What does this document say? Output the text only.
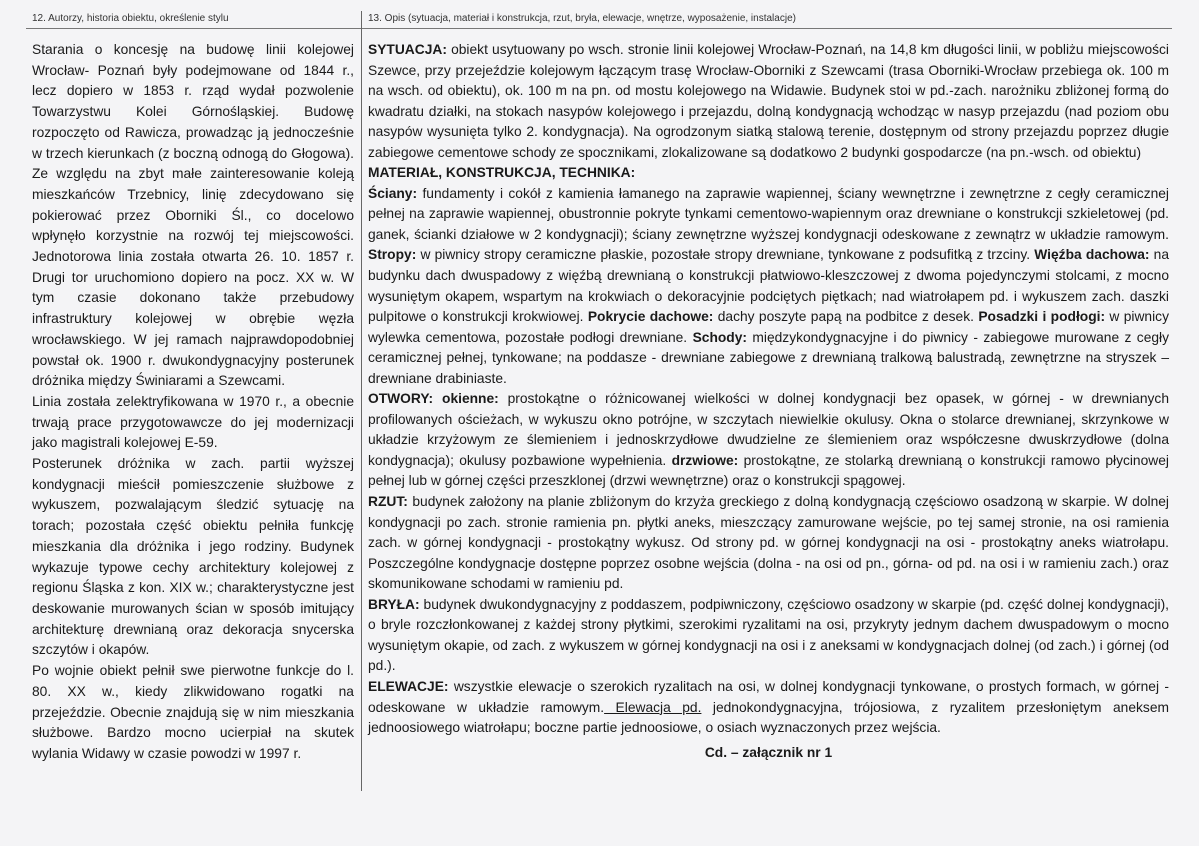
12. Autorzy, historia obiektu, określenie stylu	13. Opis (sytuacja, materiał i konstrukcja, rzut, bryła, elewacje, wnętrze, wyposażenie, instalacje)

Starania o koncesję na budowę linii kolejowej Wrocław- Poznań były podejmowane od 1844 r., lecz dopiero w 1853 r. rząd wydał pozwolenie Towarzystwu Kolei Górnośląskiej. Budowę rozpoczęto od Rawicza, prowadząc ją jednocześnie w trzech kierunkach (z boczną odnogą do Głogowa). Ze względu na zbyt małe zainteresowanie koleją mieszkańców Trzebnicy, linię zdecydowano się pokierować przez Oborniki Śl., co docelowo wpłynęło korzystnie na rozwój tej miejscowości. Jednotorowa linia została otwarta 26. 10. 1857 r. Drugi tor uruchomiono dopiero na pocz. XX w. W tym czasie dokonano także przebudowy infrastruktury kolejowej w obrębie węzła wrocławskiego. W jej ramach najprawdopodobniej powstał ok. 1900 r. dwukondygnacyjny posterunek dróżnika między Świniarami a Szewcami.

Linia została zelektryfikowana w 1970 r., a obecnie trwają prace przygotowawcze do jej modernizacji jako magistrali kolejowej E-59.

Posterunek dróżnika w zach. partii wyższej kondygnacji mieścił pomieszczenie służbowe z wykuszem, pozwalającym śledzić sytuację na torach; pozostała część obiektu pełniła funkcję mieszkania dla dróżnika i jego rodziny. Budynek wykazuje typowe cechy architektury kolejowej z regionu Śląska z kon. XIX w.; charakterystyczne jest deskowanie murowanych ścian w sposób imitujący architekturę drewnianą oraz dekoracja snycerska szczytów i okapów.

Po wojnie obiekt pełnił swe pierwotne funkcje do l. 80. XX w., kiedy zlikwidowano rogatki na przejeździe. Obecnie znajdują się w nim mieszkania służbowe. Bardzo mocno ucierpiał na skutek wylania Widawy w czasie powodzi w 1997 r.

SYTUACJA: obiekt usytuowany po wsch. stronie linii kolejowej Wrocław-Poznań, na 14,8 km długości linii, w pobliżu miejscowości Szewce, przy przejeździe kolejowym łączącym trasę Wrocław-Oborniki z Szewcami (trasa Oborniki-Wrocław przebiega ok. 100 m na wsch. od obiektu), ok. 100 m na pn. od mostu kolejowego na Widawie. Budynek stoi w pd.-zach. narożniku zbliżonej formą do kwadratu działki, na stokach nasypów kolejowego i przejazdu, dolną kondygnacją wchodząc w nasyp przejazdu (nad poziom obu nasypów wysunięta tylko 2. kondygnacja). Na ogrodzonym siatką stalową terenie, dostępnym od strony przejazdu poprzez długie zabiegowe cementowe schody ze spocznikami, zlokalizowane są dodatkowo 2 budynki gospodarcze (na pn.-wsch. od obiektu)

MATERIAŁ, KONSTRUKCJA, TECHNIKA:

Ściany: fundamenty i cokół z kamienia łamanego na zaprawie wapiennej, ściany wewnętrzne i zewnętrzne z cegły ceramicznej pełnej na zaprawie wapiennej, obustronnie pokryte tynkami cementowo-wapiennym oraz drewniane o konstrukcji szkieletowej (pd. ganek, ścianki działowe w 2 kondygnacji); ściany zewnętrzne wyższej kondygnacji odeskowane z zewnątrz w układzie ramowym. Stropy: w piwnicy stropy ceramiczne płaskie, pozostałe stropy drewniane, tynkowane z podsufitką z trzciny. Więźba dachowa: na budynku dach dwuspadowy z więźbą drewnianą o konstrukcji płatwiowo-kleszczowej z dwoma pojedynczymi stolcami, z mocno wysuniętym okapem, wspartym na krokwiach o dekoracyjnie podciętych piętkach; nad wiatrołapem pd. i wykuszem zach. daszki pulpitowe o konstrukcji krokwiowej. Pokrycie dachowe: dachy poszyte papą na podbitce z desek. Posadzki i podłogi: w piwnicy wylewka cementowa, pozostałe podłogi drewniane. Schody: międzykondygnacyjne i do piwnicy - zabiegowe murowane z cegły ceramicznej pełnej, tynkowane; na poddasze - drewniane zabiegowe z drewnianą tralkową balustradą, zewnętrzne na stryszek – drewniane drabiniaste.

OTWORY: okienne: prostokątne o różnicowanej wielkości w dolnej kondygnacji bez opasek, w górnej - w drewnianych profilowanych ościeżach, w wykuszu okno potrójne, w szczytach niewielkie okulusy. Okna o stolarce drewnianej, skrzynkowe w układzie krzyżowym ze ślemieniem i jednoskrzydłowe dwudzielne ze ślemieniem oraz współczesne dwuskrzydłowe (dolna kondygnacja); okulusy pozbawione wypełnienia. drzwiowe: prostokątne, ze stolarką drewnianą o konstrukcji ramowo płycinowej pełnej lub w górnej części przeszklonej (drzwi wewnętrzne) oraz o konstrukcji spągowej.

RZUT: budynek założony na planie zbliżonym do krzyża greckiego z dolną kondygnacją częściowo osadzoną w skarpie. W dolnej kondygnacji po zach. stronie ramienia pn. płytki aneks, mieszczący zamurowane wejście, po tej samej stronie, na osi ramienia zach. w górnej kondygnacji - prostokątny wykusz. Od strony pd. w górnej kondygnacji na osi - prostokątny aneks wiatrołapu. Poszczególne kondygnacje dostępne poprzez osobne wejścia (dolna - na osi od pn., górna- od pd. na osi i w ramieniu zach.) oraz skomunikowane schodami w ramieniu pd.

BRYŁA: budynek dwukondygnacyjny z poddaszem, podpiwniczony, częściowo osadzony w skarpie (pd. część dolnej kondygnacji), o bryle rozczłonkowanej z każdej strony płytkimi, szerokimi ryzalitami na osi, przykryty jednym dachem dwuspadowym o mocno wysuniętym okapie, od zach. z wykuszem w górnej kondygnacji na osi i z aneksami w kondygnacjach dolnej (od zach.) i górnej (od pd.).

ELEWACJE: wszystkie elewacje o szerokich ryzalitach na osi, w dolnej kondygnacji tynkowane, o prostych formach, w górnej - odeskowane w układzie ramowym. Elewacja pd. jednokondygnacyjna, trójosiowa, z ryzalitem przesłoniętym aneksem jednoosiowego wiatrołapu; boczne partie jednoosiowe, o osiach wyznaczonych przez wejścia.

Cd. – załącznik nr 1
